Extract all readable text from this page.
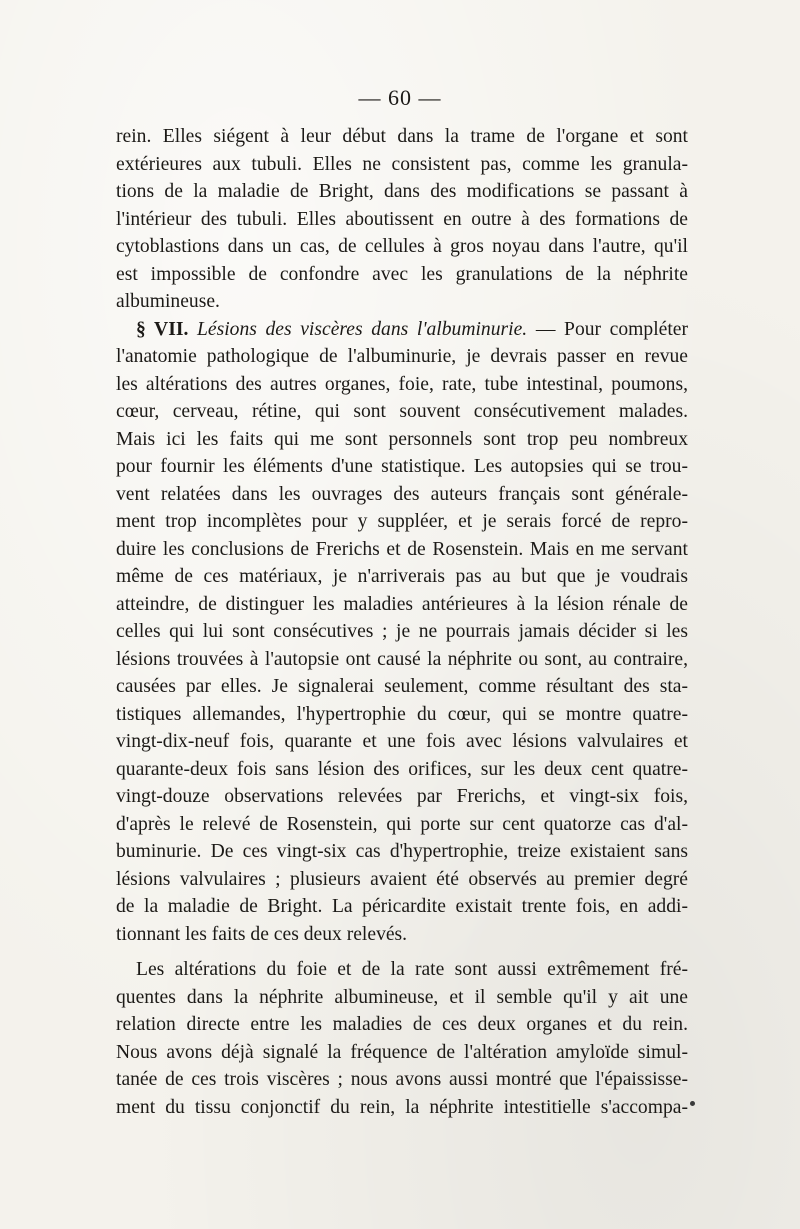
— 60 —
rein. Elles siégent à leur début dans la trame de l'organe et sont
extérieures aux tubuli. Elles ne consistent pas, comme les granula-
tions de la maladie de Bright, dans des modifications se passant à
l'intérieur des tubuli. Elles aboutissent en outre à des formations de
cytoblastions dans un cas, de cellules à gros noyau dans l'autre, qu'il
est impossible de confondre avec les granulations de la néphrite
albumineuse.
§ VII. Lésions des viscères dans l'albuminurie. — Pour compléter
l'anatomie pathologique de l'albuminurie, je devrais passer en revue
les altérations des autres organes, foie, rate, tube intestinal, poumons,
cœur, cerveau, rétine, qui sont souvent consécutivement malades.
Mais ici les faits qui me sont personnels sont trop peu nombreux
pour fournir les éléments d'une statistique. Les autopsies qui se trou-
vent relatées dans les ouvrages des auteurs français sont générale-
ment trop incomplètes pour y suppléer, et je serais forcé de repro-
duire les conclusions de Frerichs et de Rosenstein. Mais en me servant
même de ces matériaux, je n'arriverais pas au but que je voudrais
atteindre, de distinguer les maladies antérieures à la lésion rénale de
celles qui lui sont consécutives ; je ne pourrais jamais décider si les
lésions trouvées à l'autopsie ont causé la néphrite ou sont, au contraire,
causées par elles. Je signalerai seulement, comme résultant des sta-
tistiques allemandes, l'hypertrophie du cœur, qui se montre quatre-
vingt-dix-neuf fois, quarante et une fois avec lésions valvulaires et
quarante-deux fois sans lésion des orifices, sur les deux cent quatre-
vingt-douze observations relevées par Frerichs, et vingt-six fois,
d'après le relevé de Rosenstein, qui porte sur cent quatorze cas d'al-
buminurie. De ces vingt-six cas d'hypertrophie, treize existaient sans
lésions valvulaires ; plusieurs avaient été observés au premier degré
de la maladie de Bright. La péricardite existait trente fois, en addi-
tionnant les faits de ces deux relevés.
Les altérations du foie et de la rate sont aussi extrêmement fré-
quentes dans la néphrite albumineuse, et il semble qu'il y ait une
relation directe entre les maladies de ces deux organes et du rein.
Nous avons déjà signalé la fréquence de l'altération amyloïde simul-
tanée de ces trois viscères ; nous avons aussi montré que l'épaississe-
ment du tissu conjonctif du rein, la néphrite intestitielle s'accompa-
